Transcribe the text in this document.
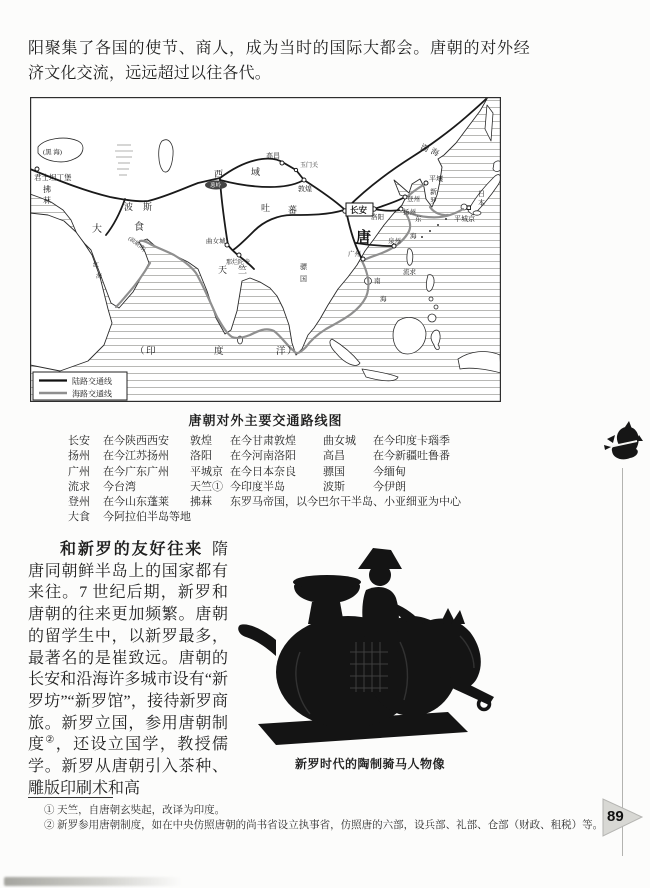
阳聚集了各国的使节、商人，成为当时的国际大都会。唐朝的对外经济文化交流，远远超过以往各代。
(黑 海)
君士坦丁堡
拂
菻
波 斯
大	食
(波斯湾)
红
海
西	域
高昌
玉门关
敦煌
葱岭
吐 蕃
曲女城
那烂陀寺
天 竺	骠
国
（ 印	度	洋 ）
渤海
平壤
新
罗
登州
扬州
东
海
平城京
日
本
长安
洛阳
唐	泉州
广州
流求
南
海
陆路交通线
海路交通线
唐朝对外主要交通路线图
长安 在今陕西西安 敦煌 在今甘肃敦煌 曲女城 在今印度卡瑙季
扬州 在今江苏扬州 洛阳 在今河南洛阳 高昌	在今新疆吐鲁番
广州 在今广东广州 平城京 在今日本奈良 骠国	今缅甸
流求 今台湾	天竺① 今印度半岛	波斯	今伊朗
登州 在今山东蓬莱 拂菻 东罗马帝国，以今巴尔干半岛、小亚细亚为中心
大食 今阿拉伯半岛等地

和新罗的友好往来 隋唐同朝鲜半岛上的国家都有来往。7 世纪后期，新罗和唐朝的往来更加频繁。唐朝的留学生中，以新罗最多，最著名的是崔致远。唐朝的长安和沿海许多城市设有“新罗坊”“新罗馆”，接待新罗商旅。新罗立国，参用唐朝制度②，还设立国学，教授儒学。新罗从唐朝引入茶种、雕版印刷术和高

新罗时代的陶制骑马人物像
① 天竺，自唐朝玄奘起，改译为印度。
② 新罗参用唐朝制度，如在中央仿照唐朝的尚书省设立执事省，仿照唐的六部，设兵部、礼部、仓部（财政、租税）等。
89
